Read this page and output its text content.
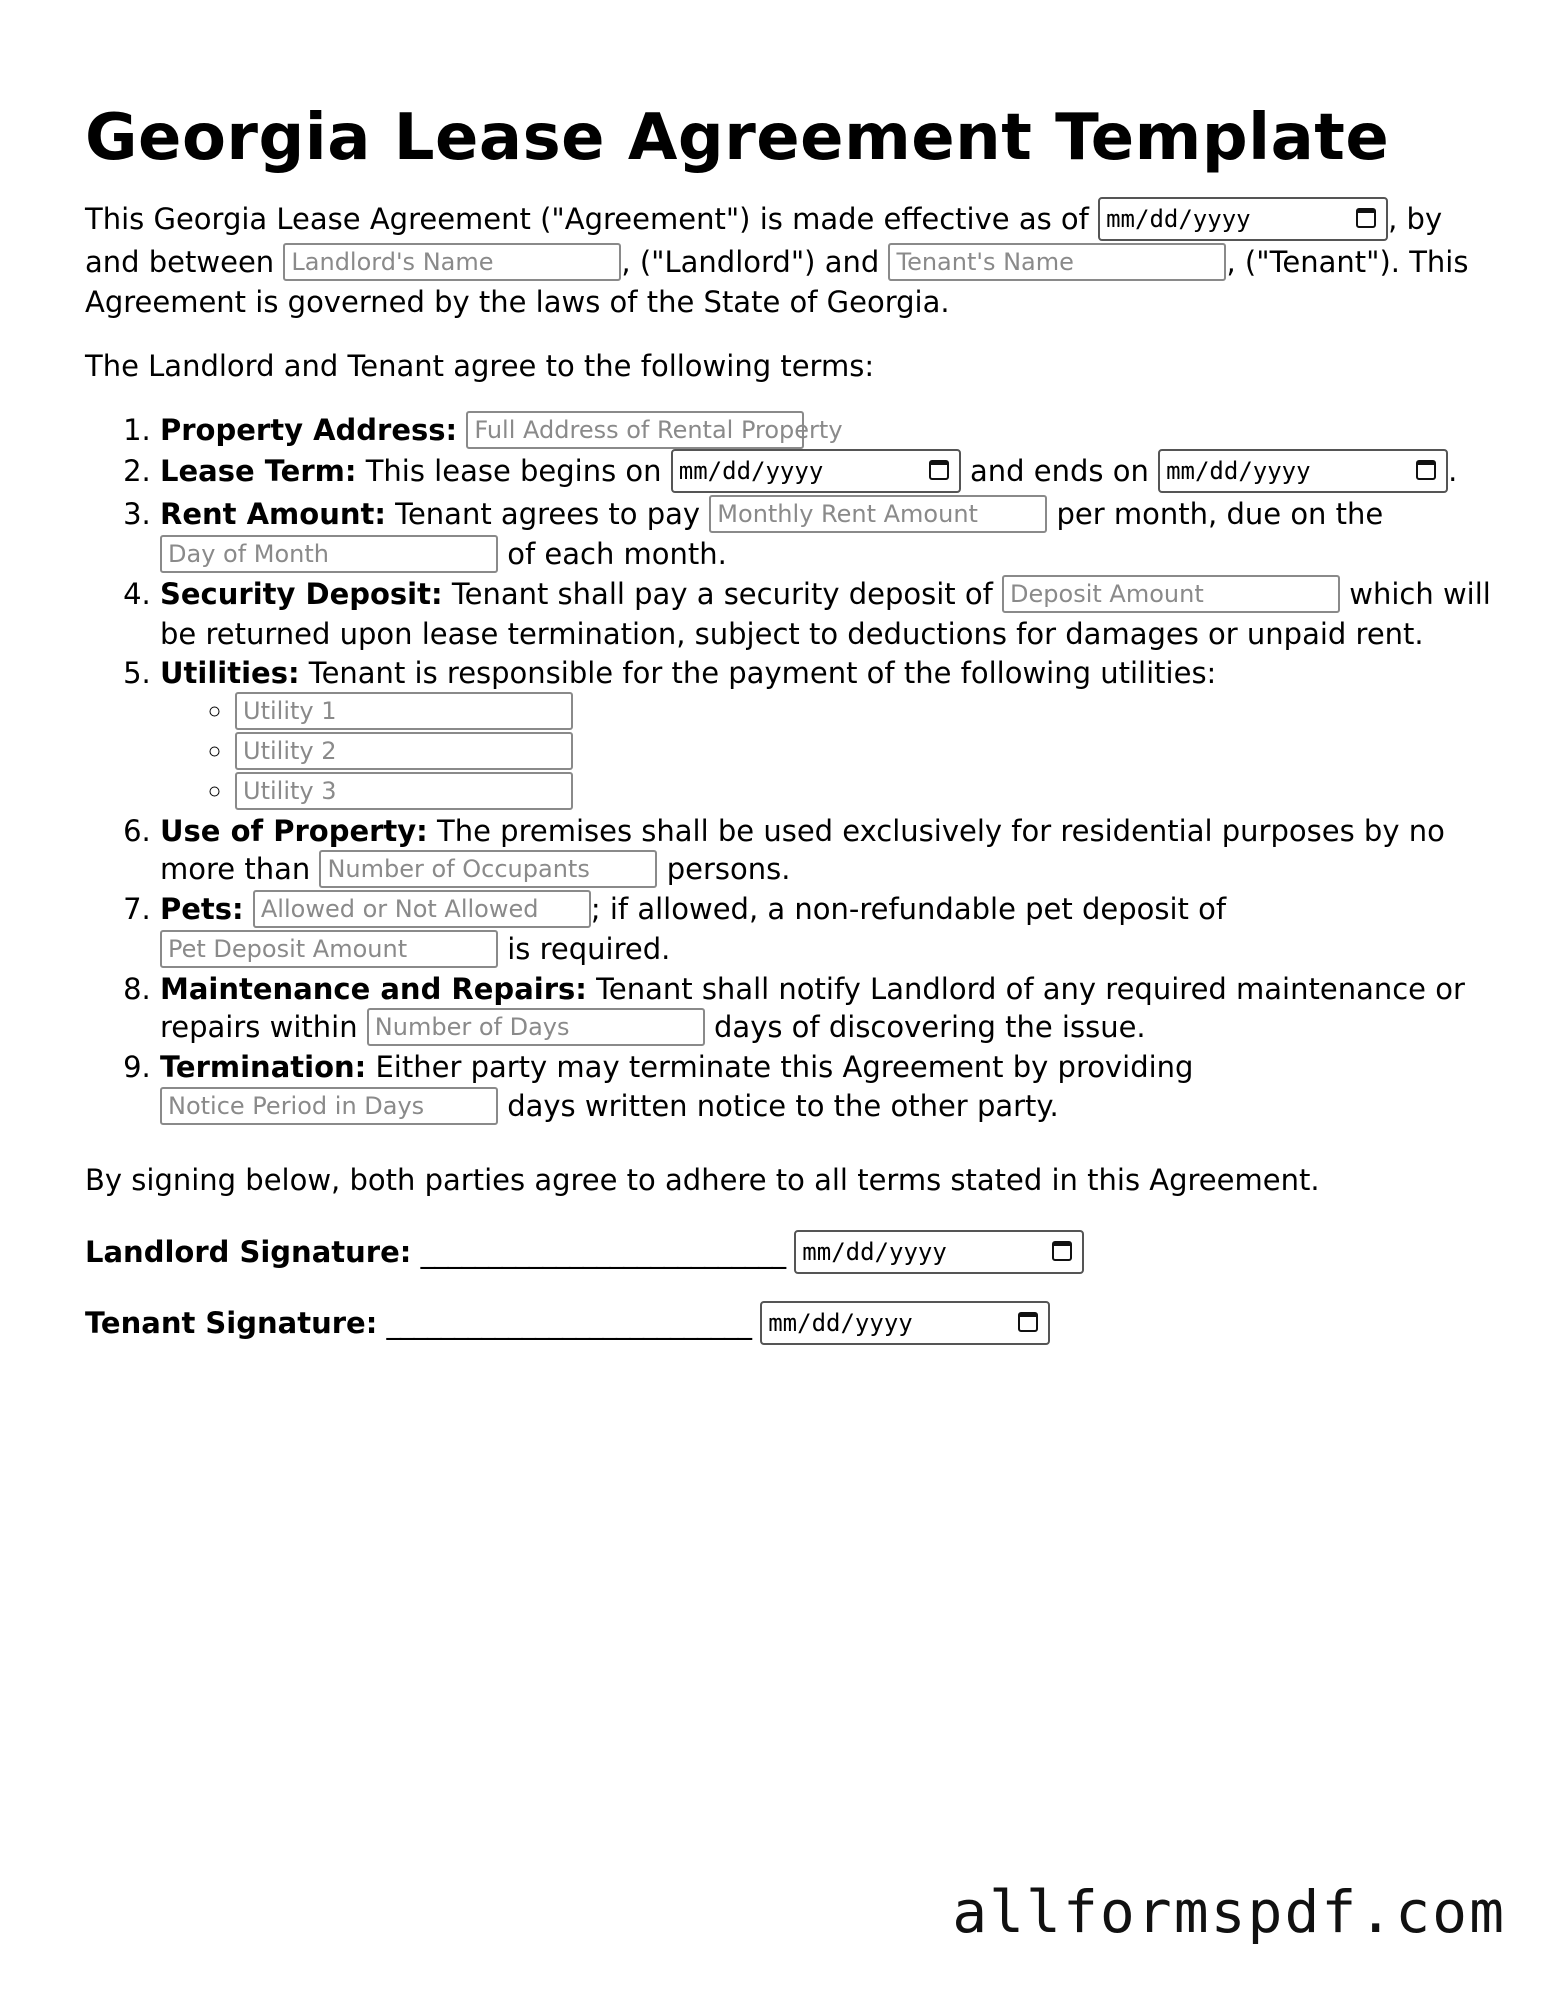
Georgia Lease Agreement Template

This Georgia Lease Agreement ("Agreement") is made effective as of mm/dd/yyyy	, by and between Landlord's Name	, ("Landlord") and Tenant's Name	, ("Tenant"). This Agreement is governed by the laws of the State of Georgia.

The Landlord and Tenant agree to the following terms:

1. Property Address: Full Address of Rental Property
2. Lease Term: This lease begins on mm/dd/yyyy	and ends on mm/dd/yyyy	.
3. Rent Amount: Tenant agrees to pay Monthly Rent Amount	per month, due on the Day of Month	of each month.
4. Security Deposit: Tenant shall pay a security deposit of Deposit Amount	which will be returned upon lease termination, subject to deductions for damages or unpaid rent.
5. Utilities: Tenant is responsible for the payment of the following utilities:
◦ Utility 1
◦ Utility 2
◦ Utility 3
6. Use of Property: The premises shall be used exclusively for residential purposes by no more than Number of Occupants	persons.
7. Pets: Allowed or Not Allowed ; if allowed, a non-refundable pet deposit of Pet Deposit Amount	is required.
8. Maintenance and Repairs: Tenant shall notify Landlord of any required maintenance or repairs within Number of Days	days of discovering the issue.
9. Termination: Either party may terminate this Agreement by providing Notice Period in Days	days written notice to the other party.

By signing below, both parties agree to adhere to all terms stated in this Agreement.

Landlord Signature: ___________________________ mm/dd/yyyy
Tenant Signature: ___________________________ mm/dd/yyyy
allformspdf.com
